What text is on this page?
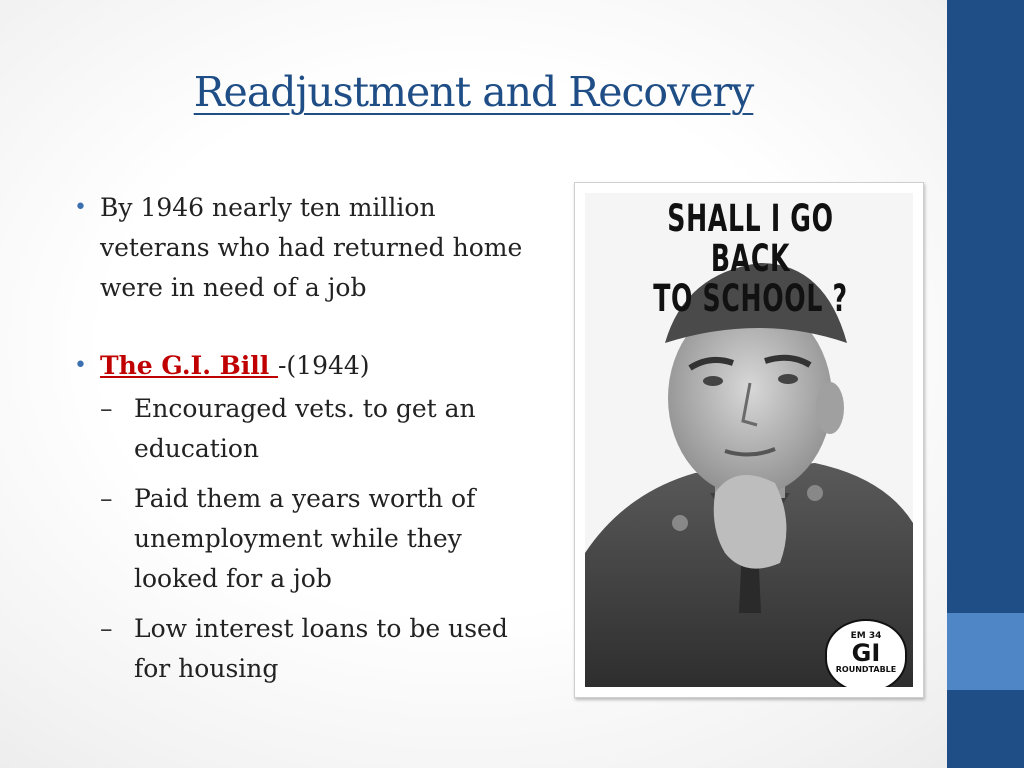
Readjustment and Recovery
• By 1946 nearly ten million veterans who had returned home were in need of a job
• The G.I. Bill -(1944)
– Encouraged vets. to get an education
– Paid them a years worth of unemployment while they looked for a job
– Low interest loans to be used for housing
SHALL I GO BACK
TO SCHOOL ?
EM 34
GI
ROUNDTABLE
